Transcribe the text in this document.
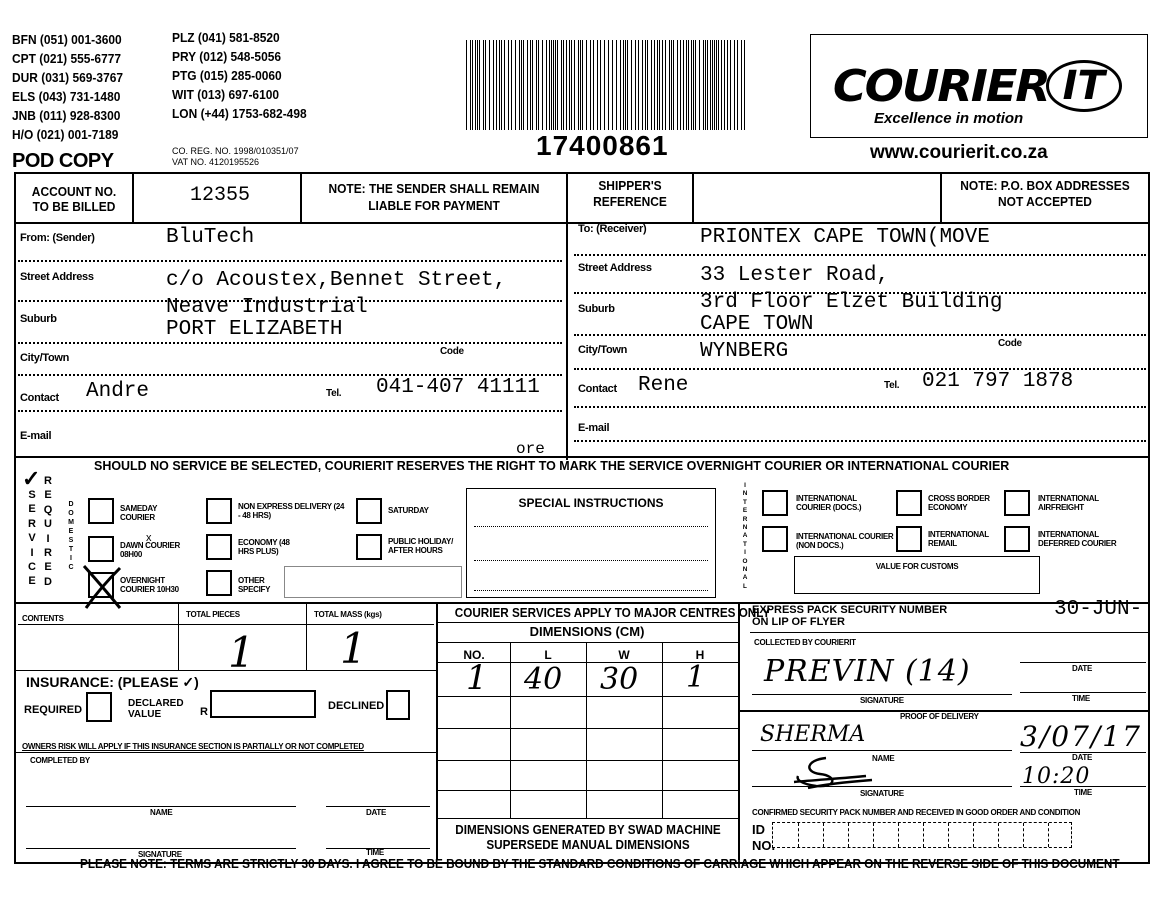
BFN (051) 001-3600
CPT (021) 555-6777
DUR (031) 569-3767
ELS (043) 731-1480
JNB (011) 928-8300
H/O (021) 001-7189
PLZ (041) 581-8520
PRY (012) 548-5056
PTG (015) 285-0060
WIT (013) 697-6100
LON (+44) 1753-682-498
POD COPY	CO. REG. NO. 1998/010351/07
VAT NO. 4120195526
17400861
COURIER IT
Excellence in motion
www.courierit.co.za
ACCOUNT NO. TO BE BILLED	12355	NOTE: THE SENDER SHALL REMAIN LIABLE FOR PAYMENT
SHIPPER'S REFERENCE
NOTE: P.O. BOX ADDRESSES NOT ACCEPTED
From: (Sender)	BluTech
Street Address	c/o Acoustex,Bennet Street,
Suburb	Neave Industrial
PORT ELIZABETH
City/Town
Code
Contact Andre	Tel. 041-407 41111
E-mail
ore
To: (Receiver)	PRIONTEX CAPE TOWN(MOVE
Street Address 33 Lester Road,
Suburb	3rd Floor Elzet Building
CAPE TOWN
City/Town	WYNBERG	Code
Contact Rene	Tel. 021 797 1878
E-mail
SHOULD NO SERVICE BE SELECTED, COURIERIT RESERVES THE RIGHT TO MARK THE SERVICE OVERNIGHT COURIER OR INTERNATIONAL COURIER
✓
S
E
R
V
I
C
E
R
E
Q
U
I
R
E
D
D
O
M
E
S
T
I
C
SAMEDAY COURIER
DAWN COURIER 08H00
x
OVERNIGHT COURIER 10H30
NON EXPRESS DELIVERY (24 - 48 HRS)
ECONOMY (48 HRS PLUS)
OTHER SPECIFY
SATURDAY
PUBLIC HOLIDAY/ AFTER HOURS
SPECIAL INSTRUCTIONS
I
N
T
E
R
N
A
T
I
O
N
A
L
INTERNATIONAL COURIER (DOCS.)
CROSS BORDER ECONOMY
INTERNATIONAL AIRFREIGHT
INTERNATIONAL COURIER (NON DOCS.)
INTERNATIONAL REMAIL
INTERNATIONAL DEFERRED COURIER
VALUE FOR CUSTOMS
CONTENTS	TOTAL PIECES	TOTAL MASS (kgs)
1 1
INSURANCE: (PLEASE ✓)
REQUIRED
DECLARED VALUE	R	DECLINED
OWNERS RISK WILL APPLY IF THIS INSURANCE SECTION IS PARTIALLY OR NOT COMPLETED
COMPLETED BY
NAME	DATE
SIGNATURE	TIME
COURIER SERVICES APPLY TO MAJOR CENTRES ONLY
DIMENSIONS (CM)
NO.	L	W	H
1 40 30 1
DIMENSIONS GENERATED BY SWAD MACHINE SUPERSEDE MANUAL DIMENSIONS
EXPRESS PACK SECURITY NUMBER ON LIP OF FLYER
30-JUN-
COLLECTED BY COURIERIT
PREVIN (14)	DATE
SIGNATURE	TIME
PROOF OF DELIVERY
SHERMA	3/07/17
NAME	DATE
10:20
SIGNATURE	TIME
CONFIRMED SECURITY PACK NUMBER AND RECEIVED IN GOOD ORDER AND CONDITION
ID
NO.
PLEASE NOTE: TERMS ARE STRICTLY 30 DAYS. I AGREE TO BE BOUND BY THE STANDARD CONDITIONS OF CARRIAGE WHICH APPEAR ON THE REVERSE SIDE OF THIS DOCUMENT
